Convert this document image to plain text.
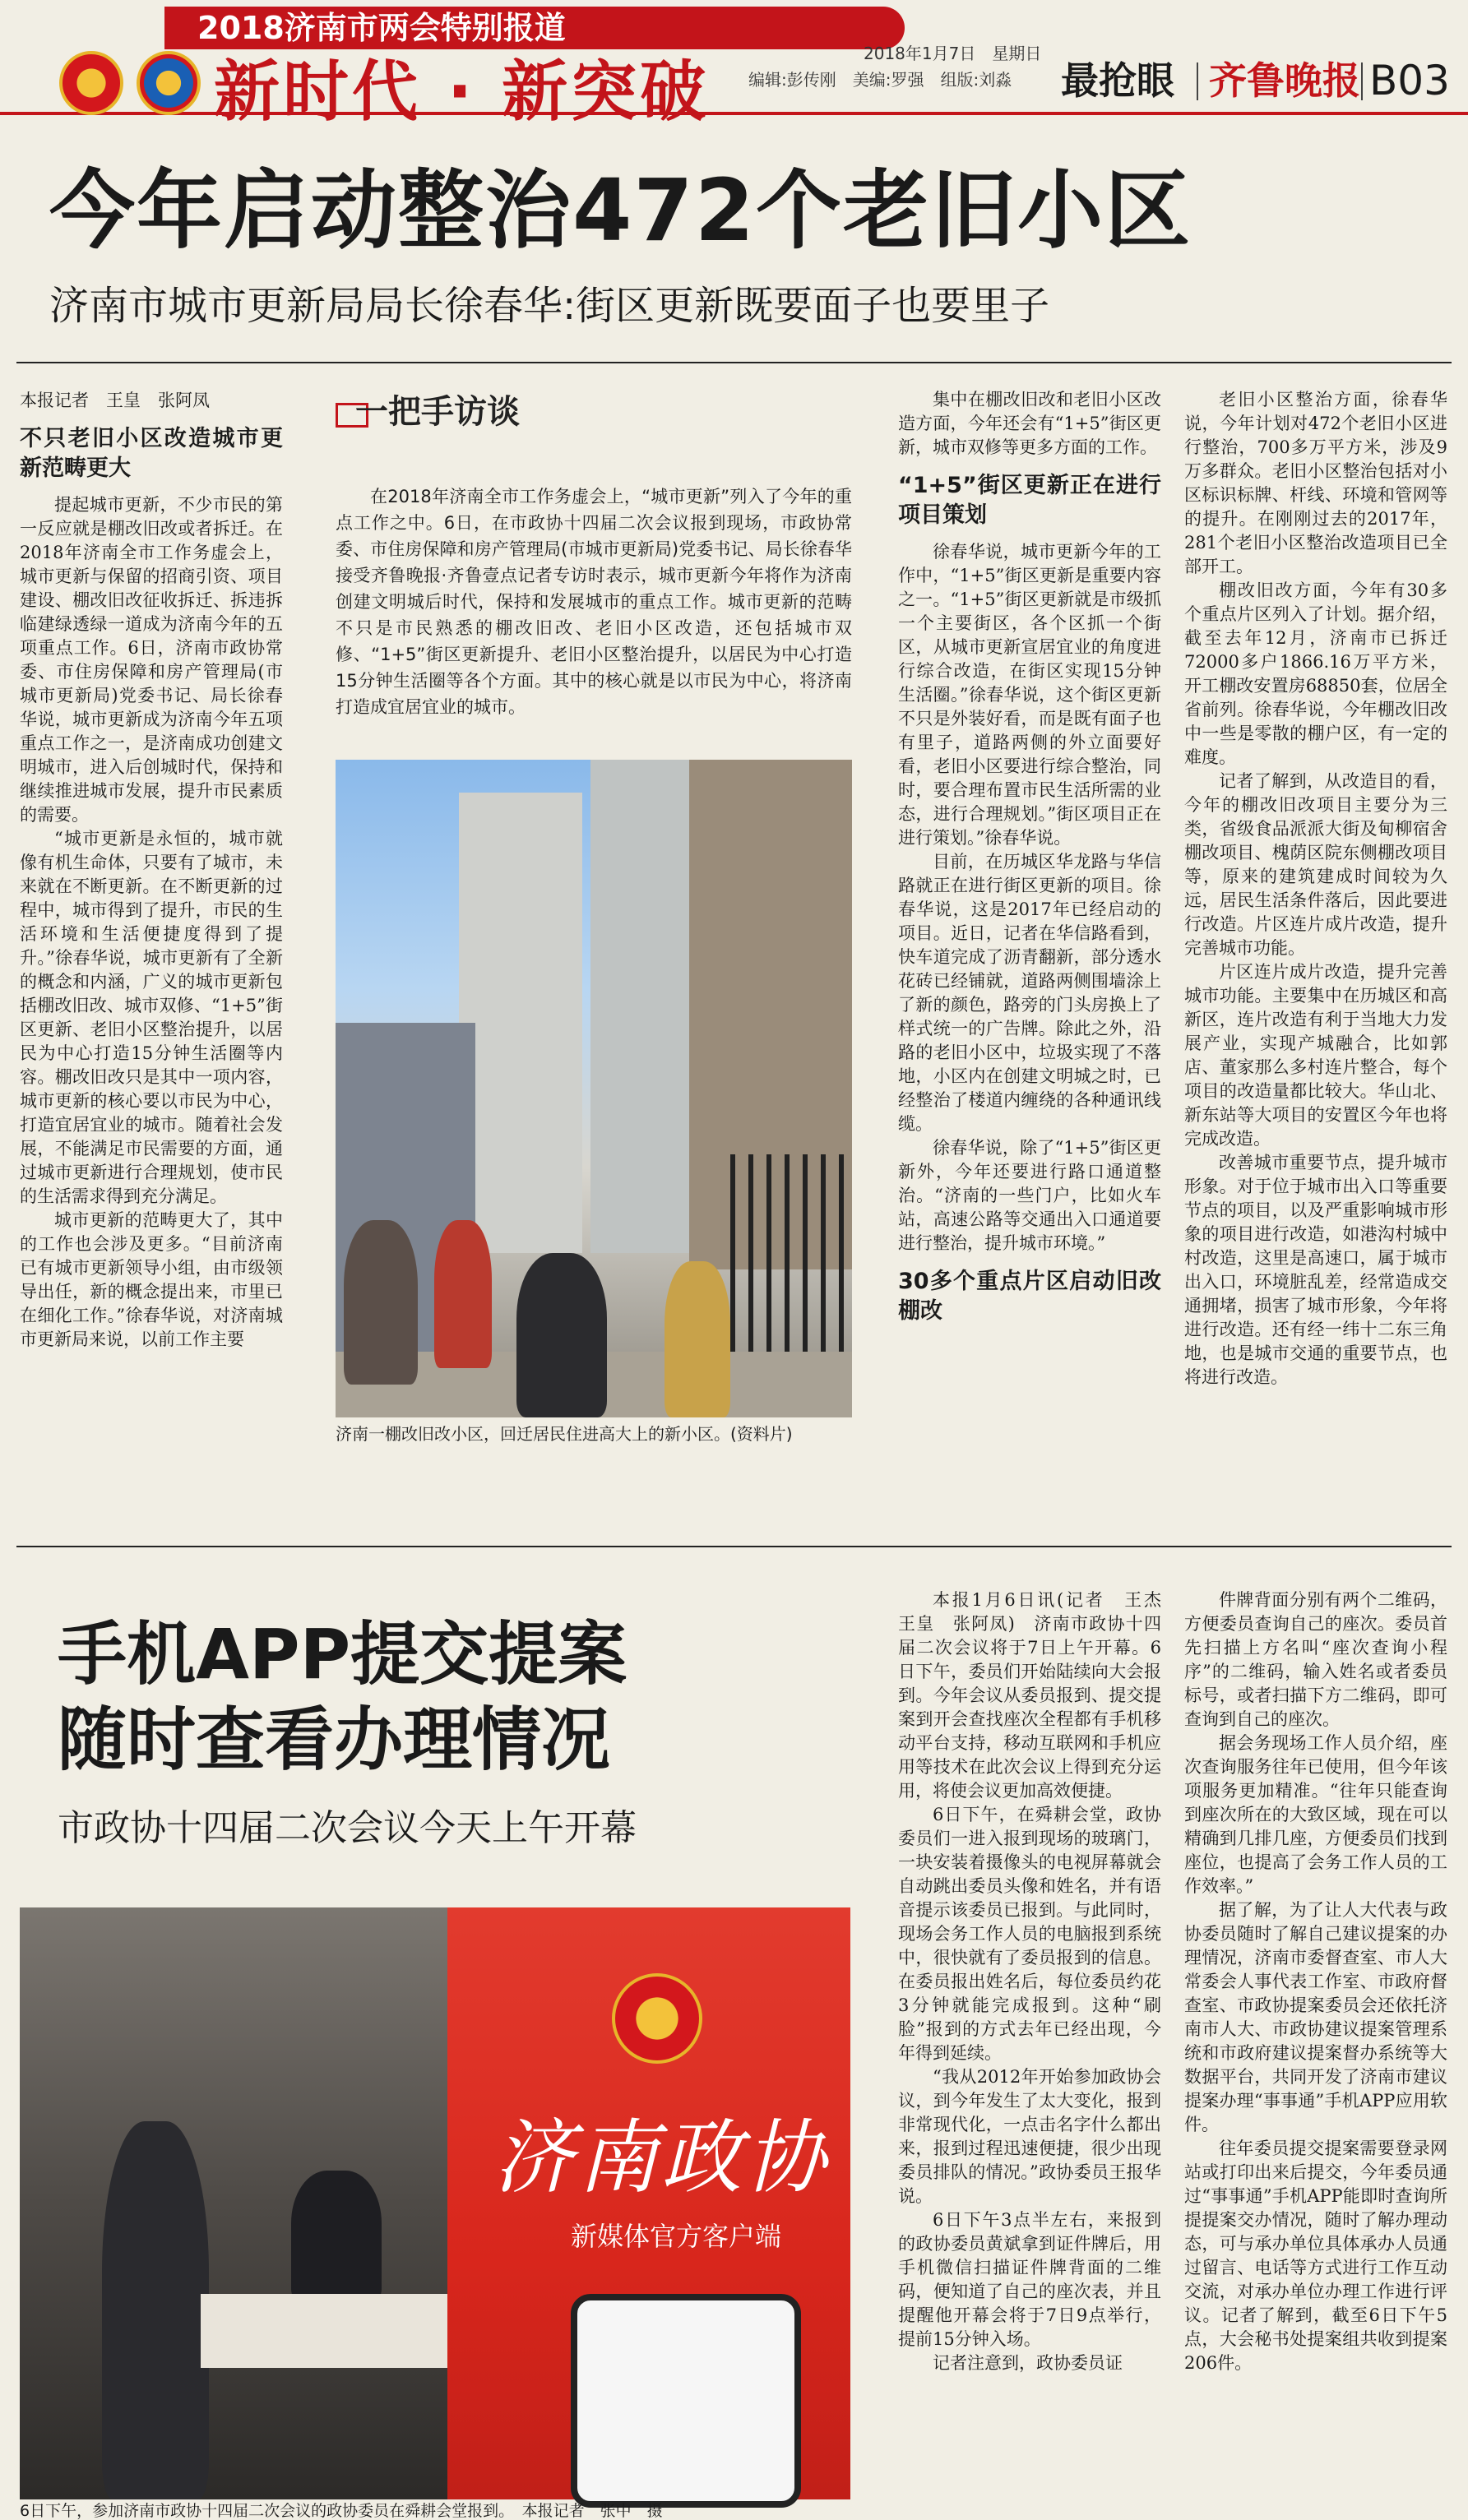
2018济南市两会特别报道
新时代 · 新突破	2018年1月7日　 星期日
编辑:彭传刚　 美编:罗强　 组版:刘淼 最抢眼 齐鲁晚报 B03
今年启动整治472个老旧小区
济南市城市更新局局长徐春华:街区更新既要面子也要里子
本报记者　王皇　张阿凤
不只老旧小区改造城市更新范畴更大

提起城市更新，不少市民的第一反应就是棚改旧改或者拆迁。在2018年济南全市工作务虚会上，城市更新与保留的招商引资、项目建设、棚改旧改征收拆迁、拆违拆临建绿透绿一道成为济南今年的五项重点工作。6日，济南市政协常委、市住房保障和房产管理局(市城市更新局)党委书记、局长徐春华说，城市更新成为济南今年五项重点工作之一，是济南成功创建文明城市，进入后创城时代，保持和继续推进城市发展，提升市民素质的需要。

“城市更新是永恒的，城市就像有机生命体，只要有了城市，未来就在不断更新。在不断更新的过程中，城市得到了提升，市民的生活环境和生活便捷度得到了提升。”徐春华说，城市更新有了全新的概念和内涵，广义的城市更新包括棚改旧改、城市双修、“1+5”街区更新、老旧小区整治提升，以居民为中心打造15分钟生活圈等内容。棚改旧改只是其中一项内容，城市更新的核心要以市民为中心，打造宜居宜业的城市。随着社会发展，不能满足市民需要的方面，通过城市更新进行合理规划，使市民的生活需求得到充分满足。

城市更新的范畴更大了，其中的工作也会涉及更多。“目前济南已有城市更新领导小组，由市级领导出任，新的概念提出来，市里已在细化工作。”徐春华说，对济南城市更新局来说，以前工作主要

一把手访谈
在2018年济南全市工作务虚会上，“城市更新”列入了今年的重点工作之中。6日，在市政协十四届二次会议报到现场，市政协常委、市住房保障和房产管理局(市城市更新局)党委书记、局长徐春华接受齐鲁晚报·齐鲁壹点记者专访时表示，城市更新今年将作为济南创建文明城后时代，保持和发展城市的重点工作。城市更新的范畴不只是市民熟悉的棚改旧改、老旧小区改造，还包括城市双修、“1+5”街区更新提升、老旧小区整治提升，以居民为中心打造15分钟生活圈等各个方面。其中的核心就是以市民为中心，将济南打造成宜居宜业的城市。
济南一棚改旧改小区，回迁居民住进高大上的新小区。(资料片)

集中在棚改旧改和老旧小区改造方面，今年还会有“1+5”街区更新，城市双修等更多方面的工作。

“1+5”街区更新正在进行项目策划

徐春华说，城市更新今年的工作中，“1+5”街区更新是重要内容之一。“1+5”街区更新就是市级抓一个主要街区，各个区抓一个街区，从城市更新宣居宜业的角度进行综合改造，在街区实现15分钟生活圈。”徐春华说，这个街区更新不只是外装好看，而是既有面子也有里子，道路两侧的外立面要好看，老旧小区要进行综合整治，同时，要合理布置市民生活所需的业态，进行合理规划。”街区项目正在进行策划。”徐春华说。

目前，在历城区华龙路与华信路就正在进行街区更新的项目。徐春华说，这是2017年已经启动的项目。近日，记者在华信路看到，快车道完成了沥青翻新，部分透水花砖已经铺就，道路两侧围墙涂上了新的颜色，路旁的门头房换上了样式统一的广告牌。除此之外，沿路的老旧小区中，垃圾实现了不落地，小区内在创建文明城之时，已经整治了楼道内缠绕的各种通讯线缆。

徐春华说，除了“1+5”街区更新外，今年还要进行路口通道整治。“济南的一些门户，比如火车站，高速公路等交通出入口通道要进行整治，提升城市环境。”

30多个重点片区启动旧改棚改

老旧小区整治方面，徐春华说，今年计划对472个老旧小区进行整治，700多万平方米，涉及9万多群众。老旧小区整治包括对小区标识标牌、杆线、环境和管网等的提升。在刚刚过去的2017年，281个老旧小区整治改造项目已全部开工。

棚改旧改方面，今年有30多个重点片区列入了计划。据介绍，截至去年12月，济南市已拆迁72000多户1866.16万平方米，开工棚改安置房68850套，位居全省前列。徐春华说，今年棚改旧改中一些是零散的棚户区，有一定的难度。

记者了解到，从改造目的看，今年的棚改旧改项目主要分为三类，省级食品派派大街及甸柳宿舍棚改项目、槐荫区院东侧棚改项目等，原来的建筑建成时间较为久远，居民生活条件落后，因此要进行改造。片区连片成片改造，提升完善城市功能。

片区连片成片改造，提升完善城市功能。主要集中在历城区和高新区，连片改造有利于当地大力发展产业，实现产城融合，比如郭店、董家那么多村连片整合，每个项目的改造量都比较大。华山北、新东站等大项目的安置区今年也将完成改造。

改善城市重要节点，提升城市形象。对于位于城市出入口等重要节点的项目，以及严重影响城市形象的项目进行改造，如港沟村城中村改造，这里是高速口，属于城市出入口，环境脏乱差，经常造成交通拥堵，损害了城市形象，今年将进行改造。还有经一纬十二东三角地，也是城市交通的重要节点，也将进行改造。

手机APP提交提案
随时查看办理情况
市政协十四届二次会议今天上午开幕
济南政协
新媒体官方客户端
6日下午，参加济南市政协十四届二次会议的政协委员在舜耕会堂报到。　本报记者　张中　摄

本报1月6日讯(记者　王杰　王皇　张阿凤)　济南市政协十四届二次会议将于7日上午开幕。6日下午，委员们开始陆续向大会报到。今年会议从委员报到、提交提案到开会查找座次全程都有手机移动平台支持，移动互联网和手机应用等技术在此次会议上得到充分运用，将使会议更加高效便捷。

6日下午，在舜耕会堂，政协委员们一进入报到现场的玻璃门，一块安装着摄像头的电视屏幕就会自动跳出委员头像和姓名，并有语音提示该委员已报到。与此同时，现场会务工作人员的电脑报到系统中，很快就有了委员报到的信息。在委员报出姓名后，每位委员约花3分钟就能完成报到。这种“刷脸”报到的方式去年已经出现，今年得到延续。

“我从2012年开始参加政协会议，到今年发生了太大变化，报到非常现代化，一点击名字什么都出来，报到过程迅速便捷，很少出现委员排队的情况。”政协委员王报华说。

6日下午3点半左右，来报到的政协委员黄斌拿到证件牌后，用手机微信扫描证件牌背面的二维码，便知道了自己的座次表，并且提醒他开幕会将于7日9点举行，提前15分钟入场。

记者注意到，政协委员证

件牌背面分别有两个二维码，方便委员查询自己的座次。委员首先扫描上方名叫“座次查询小程序”的二维码，输入姓名或者委员标号，或者扫描下方二维码，即可查询到自己的座次。

据会务现场工作人员介绍，座次查询服务往年已使用，但今年该项服务更加精准。“往年只能查询到座次所在的大致区域，现在可以精确到几排几座，方便委员们找到座位，也提高了会务工作人员的工作效率。”

据了解，为了让人大代表与政协委员随时了解自己建议提案的办理情况，济南市委督查室、市人大常委会人事代表工作室、市政府督查室、市政协提案委员会还依托济南市人大、市政协建议提案管理系统和市政府建议提案督办系统等大数据平台，共同开发了济南市建议提案办理“事事通”手机APP应用软件。

往年委员提交提案需要登录网站或打印出来后提交，今年委员通过“事事通”手机APP能即时查询所提提案交办情况，随时了解办理动态，可与承办单位具体承办人员通过留言、电话等方式进行工作互动交流，对承办单位办理工作进行评议。记者了解到，截至6日下午5点，大会秘书处提案组共收到提案206件。
